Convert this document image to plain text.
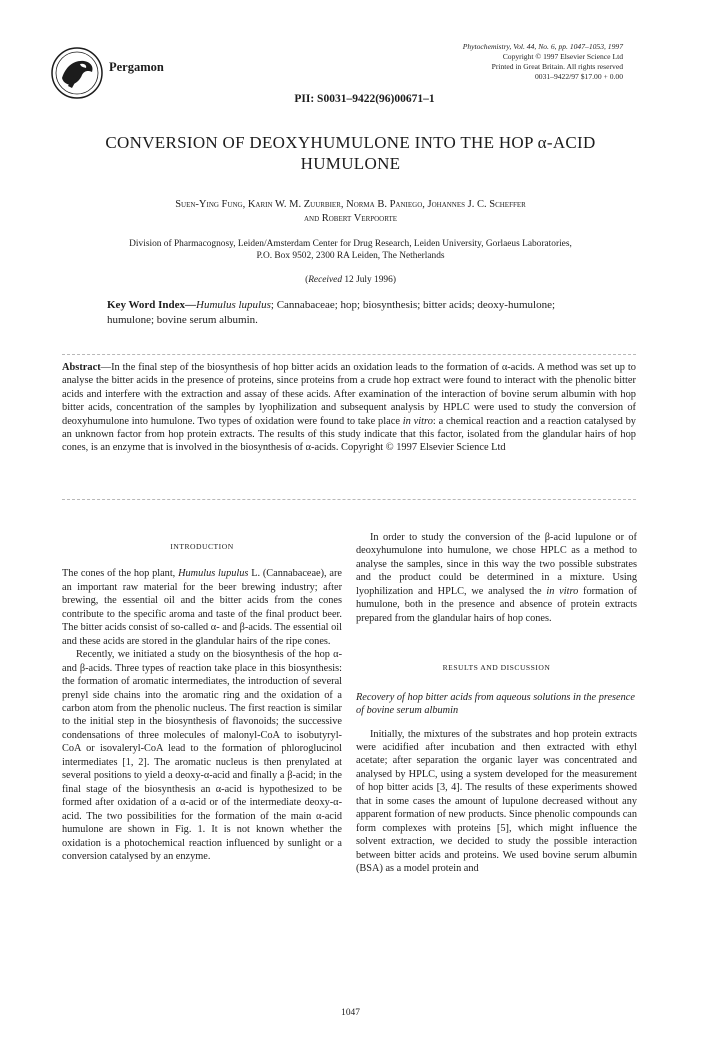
Pergamon
Phytochemistry, Vol. 44, No. 6, pp. 1047–1053, 1997
Copyright © 1997 Elsevier Science Ltd
Printed in Great Britain. All rights reserved
0031–9422/97 $17.00 + 0.00
PII: S0031–9422(96)00671–1
CONVERSION OF DEOXYHUMULONE INTO THE HOP α-ACID
HUMULONE
Suen-Ying Fung, Karin W. M. Zuurbier, Norma B. Paniego, Johannes J. C. Scheffer
and Robert Verpoorte
Division of Pharmacognosy, Leiden/Amsterdam Center for Drug Research, Leiden University, Gorlaeus Laboratories,
P.O. Box 9502, 2300 RA Leiden, The Netherlands
(Received 12 July 1996)
Key Word Index—Humulus lupulus; Cannabaceae; hop; biosynthesis; bitter acids; deoxy-humulone; humulone; bovine serum albumin.
Abstract—In the final step of the biosynthesis of hop bitter acids an oxidation leads to the formation of α-acids. A method was set up to analyse the bitter acids in the presence of proteins, since proteins from a crude hop extract were found to interact with the phenolic bitter acids and interfere with the extraction and assay of these acids. After examination of the interaction of bovine serum albumin with hop bitter acids, concentration of the samples by lyophilization and subsequent analysis by HPLC were used to study the conversion of deoxyhumulone into humulone. Two types of oxidation were found to take place in vitro: a chemical reaction and a reaction catalysed by an unknown factor from hop protein extracts. The results of this study indicate that this factor, isolated from the glandular hairs of hop cones, is an enzyme that is involved in the biosynthesis of α-acids. Copyright © 1997 Elsevier Science Ltd
INTRODUCTION

The cones of the hop plant, Humulus lupulus L. (Cannabaceae), are an important raw material for the beer brewing industry; after brewing, the essential oil and the bitter acids from the cones contribute to the specific aroma and taste of the final product beer. The bitter acids consist of so-called α- and β-acids. The essential oil and these acids are stored in the glandular hairs of the ripe cones.

Recently, we initiated a study on the biosynthesis of the hop α- and β-acids. Three types of reaction take place in this biosynthesis: the formation of aromatic intermediates, the introduction of several prenyl side chains into the aromatic ring and the oxidation of a carbon atom from the phenolic nucleus. The first reaction is similar to the initial step in the biosynthesis of flavonoids; the successive condensations of three molecules of malonyl-CoA to isobutyryl-CoA or isovaleryl-CoA lead to the formation of phloroglucinol intermediates [1, 2]. The aromatic nucleus is then prenylated at several positions to yield a deoxy-α-acid and finally a β-acid; in the final stage of the biosynthesis an α-acid is hypothesized to be formed after oxidation of a α-acid or of the intermediate deoxy-α-acid. The two possibilities for the formation of the main α-acid humulone are shown in Fig. 1. It is not known whether the oxidation is a photochemical reaction influenced by sunlight or a conversion catalysed by an enzyme.

In order to study the conversion of the β-acid lupulone or of deoxyhumulone into humulone, we chose HPLC as a method to analyse the samples, since in this way the two possible substrates and the product could be determined in a mixture. Using lyophilization and HPLC, we analysed the in vitro formation of humulone, both in the presence and absence of protein extracts prepared from the glandular hairs of hop cones.

RESULTS AND DISCUSSION

Recovery of hop bitter acids from aqueous solutions in the presence of bovine serum albumin

Initially, the mixtures of the substrates and hop protein extracts were acidified after incubation and then extracted with ethyl acetate; after separation the organic layer was concentrated and analysed by HPLC, using a system developed for the measurement of hop bitter acids [3, 4]. The results of these experiments showed that in some cases the amount of lupulone decreased without any apparent formation of new products. Since phenolic compounds can form complexes with proteins [5], which might influence the solvent extraction, we decided to study the possible interaction between bitter acids and proteins. We used bovine serum albumin (BSA) as a model protein and

1047
